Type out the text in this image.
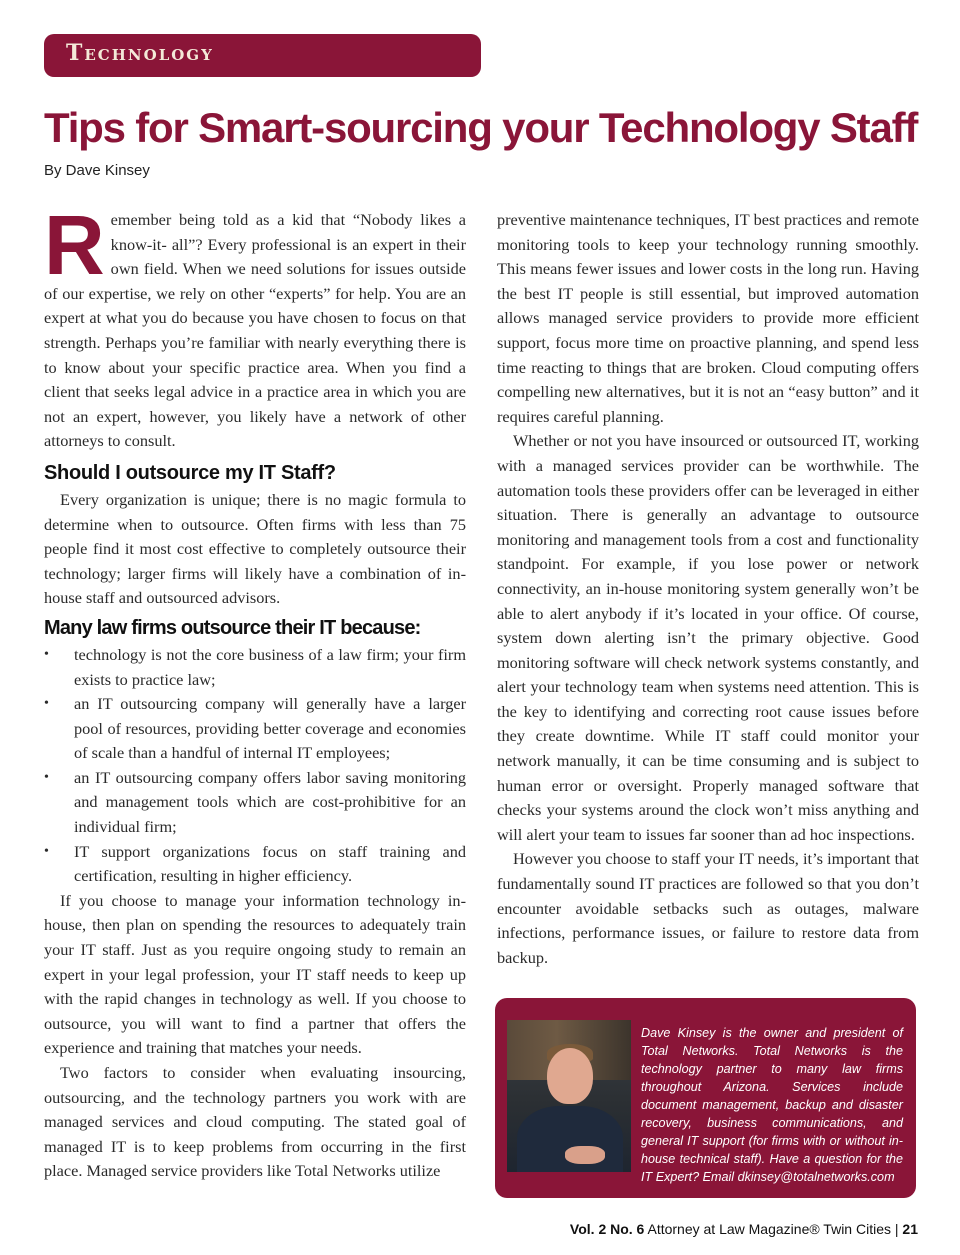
Technology
Tips for Smart-sourcing your Technology Staff
By Dave Kinsey

Remember being told as a kid that “Nobody likes a know-it- all”? Every professional is an expert in their own field. When we need solutions for issues outside of our expertise, we rely on other “experts” for help. You are an expert at what you do because you have chosen to focus on that strength. Perhaps you’re familiar with nearly everything there is to know about your specific practice area. When you find a client that seeks legal advice in a practice area in which you are not an expert, however, you likely have a network of other attorneys to consult.

Should I outsource my IT Staff?

Every organization is unique; there is no magic formula to determine when to outsource. Often firms with less than 75 people find it most cost effective to completely outsource their technology; larger firms will likely have a combination of in-house staff and outsourced advisors.

Many law firms outsource their IT because:
• technology is not the core business of a law firm; your firm exists to practice law;
• an IT outsourcing company will generally have a larger pool of resources, providing better coverage and economies of scale than a handful of internal IT employees;
• an IT outsourcing company offers labor saving monitoring and management tools which are cost-prohibitive for an individual firm;
• IT support organizations focus on staff training and certification, resulting in higher efficiency.

If you choose to manage your information technology in-house, then plan on spending the resources to adequately train your IT staff. Just as you require ongoing study to remain an expert in your legal profession, your IT staff needs to keep up with the rapid changes in technology as well. If you choose to outsource, you will want to find a partner that offers the experience and training that matches your needs.

Two factors to consider when evaluating insourcing, outsourcing, and the technology partners you work with are managed services and cloud computing. The stated goal of managed IT is to keep problems from occurring in the first place. Managed service providers like Total Networks utilize

preventive maintenance techniques, IT best practices and remote monitoring tools to keep your technology running smoothly. This means fewer issues and lower costs in the long run. Having the best IT people is still essential, but improved automation allows managed service providers to provide more efficient support, focus more time on proactive planning, and spend less time reacting to things that are broken. Cloud computing offers compelling new alternatives, but it is not an “easy button” and it requires careful planning.

Whether or not you have insourced or outsourced IT, working with a managed services provider can be worthwhile. The automation tools these providers offer can be leveraged in either situation. There is generally an advantage to outsource monitoring and management tools from a cost and functionality standpoint. For example, if you lose power or network connectivity, an in-house monitoring system generally won’t be able to alert anybody if it’s located in your office. Of course, system down alerting isn’t the primary objective. Good monitoring software will check network systems constantly, and alert your technology team when systems need attention. This is the key to identifying and correcting root cause issues before they create downtime. While IT staff could monitor your network manually, it can be time consuming and is subject to human error or oversight. Properly managed software that checks your systems around the clock won’t miss anything and will alert your team to issues far sooner than ad hoc inspections.

However you choose to staff your IT needs, it’s important that fundamentally sound IT practices are followed so that you don’t encounter avoidable setbacks such as outages, malware infections, performance issues, or failure to restore data from backup.

Dave Kinsey is the owner and president of Total Networks. Total Networks is the technology partner to many law firms throughout Arizona. Services include document management, backup and disaster recovery, business communications, and general IT support (for firms with or without in-house technical staff). Have a question for the IT Expert? Email dkinsey@totalnetworks.com
Vol. 2 No. 6 Attorney at Law Magazine® Twin Cities | 21
